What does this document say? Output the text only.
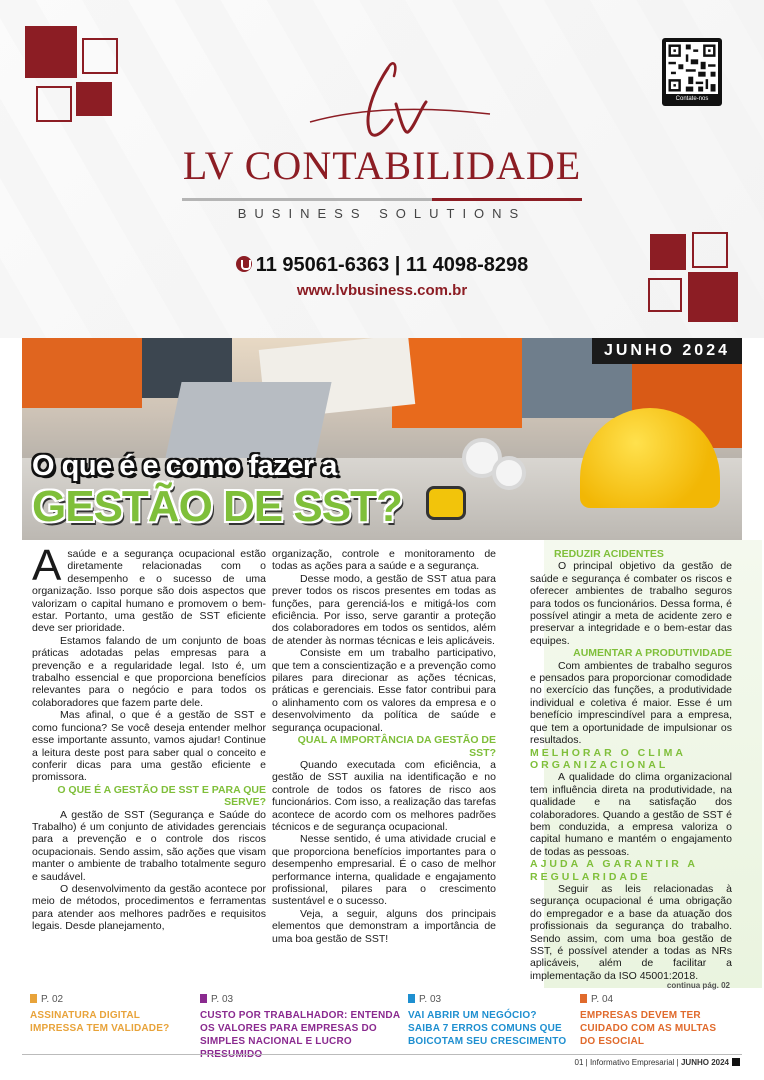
LV CONTABILIDADE
BUSINESS SOLUTIONS
Contate-nos
11 95061-6363 | 11 4098-8298
www.lvbusiness.com.br
JUNHO 2024
O que é e como fazer a
GESTÃO DE SST?

Asaúde e a segurança ocupacional estão diretamente relacionadas com o desempenho e o sucesso de uma organização. Isso porque são dois aspectos que valorizam o capital humano e promovem o bem-estar. Portanto, uma gestão de SST eficiente deve ser prioridade.

Estamos falando de um conjunto de boas práticas adotadas pelas empresas para a prevenção e a regularidade legal. Isto é, um trabalho essencial e que proporciona benefícios relevantes para o negócio e para todos os colaboradores que fazem parte dele.

Mas afinal, o que é a gestão de SST e como funciona? Se você deseja entender melhor esse importante assunto, vamos ajudar! Continue a leitura deste post para saber qual o conceito e conferir dicas para uma gestão eficiente e promissora.

O QUE É A GESTÃO DE SST E PARA QUE SERVE?

A gestão de SST (Segurança e Saúde do Trabalho) é um conjunto de atividades gerenciais para a prevenção e o controle dos riscos ocupacionais. Sendo assim, são ações que visam manter o ambiente de trabalho totalmente seguro e saudável.

O desenvolvimento da gestão acontece por meio de métodos, procedimentos e ferramentas para atender aos melhores padrões e requisitos legais. Desde planejamento,

organização, controle e monitoramento de todas as ações para a saúde e a segurança.

Desse modo, a gestão de SST atua para prever todos os riscos presentes em todas as funções, para gerenciá-los e mitigá-los com eficiência. Por isso, serve garantir a proteção dos colaboradores em todos os sentidos, além de atender às normas técnicas e leis aplicáveis.

Consiste em um trabalho participativo, que tem a conscientização e a prevenção como pilares para direcionar as ações técnicas, práticas e gerenciais. Esse fator contribui para o alinhamento com os valores da empresa e o desenvolvimento da política de saúde e segurança ocupacional.

QUAL A IMPORTÂNCIA DA GESTÃO DE SST?

Quando executada com eficiência, a gestão de SST auxilia na identificação e no controle de todos os fatores de risco aos funcionários. Com isso, a realização das tarefas acontece de acordo com os melhores padrões técnicos e de segurança ocupacional.

Nesse sentido, é uma atividade crucial e que proporciona benefícios importantes para o desempenho empresarial. É o caso de melhor performance interna, qualidade e engajamento profissional, pilares para o crescimento sustentável e o sucesso.

Veja, a seguir, alguns dos principais elementos que demonstram a importância de uma boa gestão de SST!

REDUZIR ACIDENTES

O principal objetivo da gestão de saúde e segurança é combater os riscos e oferecer ambientes de trabalho seguros para todos os funcionários. Dessa forma, é possível atingir a meta de acidente zero e preservar a integridade e o bem-estar das equipes.

AUMENTAR A PRODUTIVIDADE

Com ambientes de trabalho seguros e pensados para proporcionar comodidade no exercício das funções, a produtividade individual e coletiva é maior. Esse é um benefício imprescindível para a empresa, que tem a oportunidade de impulsionar os resultados.

MELHORAR O CLIMA ORGANIZACIONAL

A qualidade do clima organizacional tem influência direta na produtividade, na qualidade e na satisfação dos colaboradores. Quando a gestão de SST é bem conduzida, a empresa valoriza o capital humano e mantém o engajamento de todas as pessoas.

AJUDA A GARANTIR A REGULARIDADE

Seguir as leis relacionadas à segurança ocupacional é uma obrigação do empregador e a base da atuação dos profissionais da segurança do trabalho. Sendo assim, com uma boa gestão de SST, é possível atender a todas as NRs aplicáveis, além de facilitar a implementação da ISO 45001:2018.

continua pág. 02
P. 02
ASSINATURA DIGITAL IMPRESSA TEM VALIDADE?
P. 03
CUSTO POR TRABALHADOR: ENTENDA OS VALORES PARA EMPRESAS DO SIMPLES NACIONAL E LUCRO
P. 03
VAI ABRIR UM NEGÓCIO? SAIBA 7 ERROS COMUNS QUE BOICOTAM SEU CRESCIMENTO
P. 04
EMPRESAS DEVEM TER CUIDADO COM AS MULTAS DO ESOCIAL
01 | Informativo Empresarial | JUNHO 2024
